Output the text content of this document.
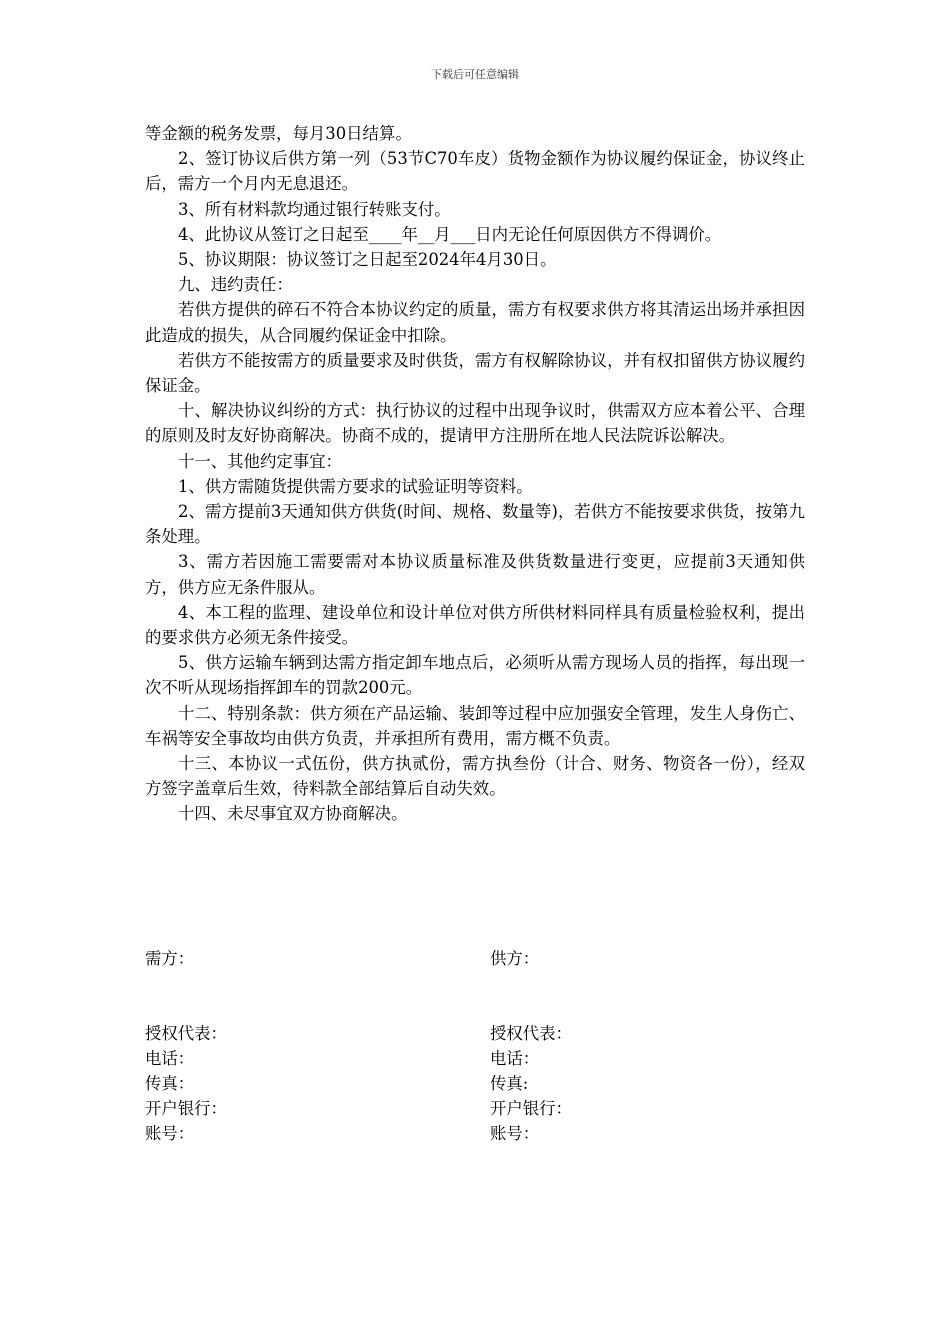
下载后可任意编辑

等金额的税务发票，每月30日结算。

2、签订协议后供方第一列（53节C70车皮）货物金额作为协议履约保证金，协议终止后，需方一个月内无息退还。

3、所有材料款均通过银行转账支付。

4、此协议从签订之日起至____年__月___日内无论任何原因供方不得调价。

5、协议期限：协议签订之日起至2024年4月30日。

九、违约责任：

若供方提供的碎石不符合本协议约定的质量，需方有权要求供方将其清运出场并承担因此造成的损失，从合同履约保证金中扣除。

若供方不能按需方的质量要求及时供货，需方有权解除协议，并有权扣留供方协议履约保证金。

十、解决协议纠纷的方式：执行协议的过程中出现争议时，供需双方应本着公平、合理的原则及时友好协商解决。协商不成的，提请甲方注册所在地人民法院诉讼解决。

十一、其他约定事宜：

1、供方需随货提供需方要求的试验证明等资料。

2、需方提前3天通知供方供货(时间、规格、数量等)，若供方不能按要求供货，按第九条处理。

3、需方若因施工需要需对本协议质量标准及供货数量进行变更，应提前3天通知供方，供方应无条件服从。

4、本工程的监理、建设单位和设计单位对供方所供材料同样具有质量检验权利，提出的要求供方必须无条件接受。

5、供方运输车辆到达需方指定卸车地点后，必须听从需方现场人员的指挥，每出现一次不听从现场指挥卸车的罚款200元。

十二、特别条款：供方须在产品运输、装卸等过程中应加强安全管理，发生人身伤亡、车祸等安全事故均由供方负责，并承担所有费用，需方概不负责。

十三、本协议一式伍份，供方执贰份，需方执叁份（计合、财务、物资各一份），经双方签字盖章后生效，待料款全部结算后自动失效。

十四、未尽事宜双方协商解决。

需方：	供方：
授权代表：
电话：
传真：
开户银行：
账号：
授权代表：
电话：
传真:
开户银行：
账号：
